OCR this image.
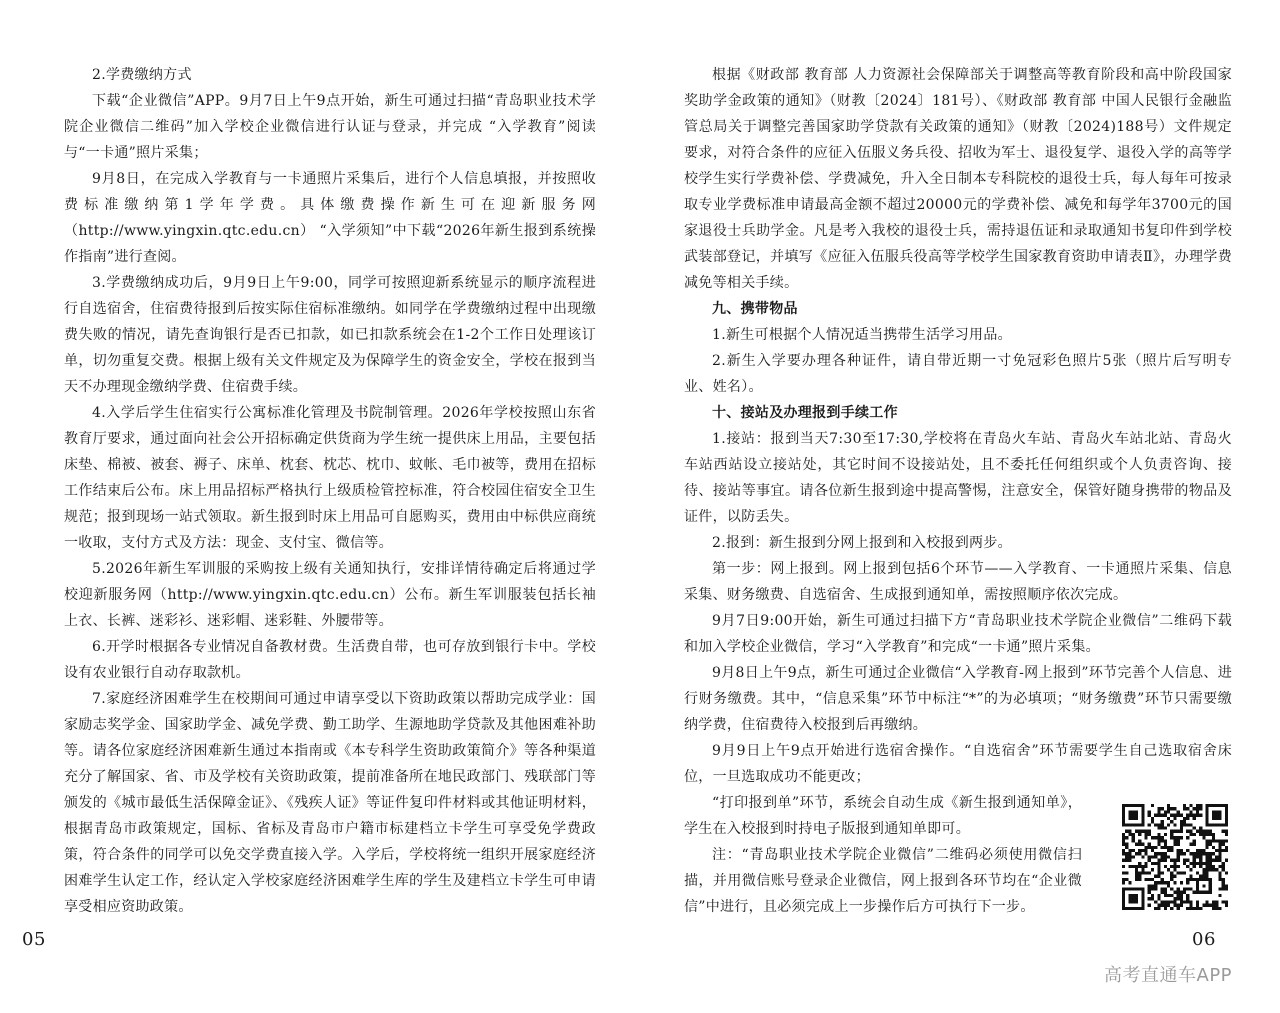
2.学费缴纳方式

下载“企业微信”APP。9月7日上午9点开始，新生可通过扫描“青岛职业技术学院企业微信二维码”加入学校企业微信进行认证与登录，并完成 “入学教育”阅读与“一卡通”照片采集；

9月8日，在完成入学教育与一卡通照片采集后，进行个人信息填报，并按照收费标准缴纳第1学年学费。具体缴费操作新生可在迎新服务网（http://www.yingxin.qtc.edu.cn） “入学须知”中下载“2026年新生报到系统操作指南”进行查阅。

3.学费缴纳成功后，9月9日上午9:00，同学可按照迎新系统显示的顺序流程进行自选宿舍，住宿费待报到后按实际住宿标准缴纳。如同学在学费缴纳过程中出现缴费失败的情况，请先查询银行是否已扣款，如已扣款系统会在1-2个工作日处理该订单，切勿重复交费。根据上级有关文件规定及为保障学生的资金安全，学校在报到当天不办理现金缴纳学费、住宿费手续。

4.入学后学生住宿实行公寓标准化管理及书院制管理。2026年学校按照山东省教育厅要求，通过面向社会公开招标确定供货商为学生统一提供床上用品，主要包括床垫、棉被、被套、褥子、床单、枕套、枕芯、枕巾、蚊帐、毛巾被等，费用在招标工作结束后公布。床上用品招标严格执行上级质检管控标准，符合校园住宿安全卫生规范；报到现场一站式领取。新生报到时床上用品可自愿购买，费用由中标供应商统一收取，支付方式及方法：现金、支付宝、微信等。

5.2026年新生军训服的采购按上级有关通知执行，安排详情待确定后将通过学校迎新服务网（http://www.yingxin.qtc.edu.cn）公布。新生军训服装包括长袖上衣、长裤、迷彩衫、迷彩帽、迷彩鞋、外腰带等。

6.开学时根据各专业情况自备教材费。生活费自带，也可存放到银行卡中。学校设有农业银行自动存取款机。

7.家庭经济困难学生在校期间可通过申请享受以下资助政策以帮助完成学业：国家励志奖学金、国家助学金、减免学费、勤工助学、生源地助学贷款及其他困难补助等。请各位家庭经济困难新生通过本指南或《本专科学生资助政策简介》等各种渠道充分了解国家、省、市及学校有关资助政策，提前准备所在地民政部门、残联部门等颁发的《城市最低生活保障金证》、《残疾人证》等证件复印件材料或其他证明材料，根据青岛市政策规定，国标、省标及青岛市户籍市标建档立卡学生可享受免学费政策，符合条件的同学可以免交学费直接入学。入学后，学校将统一组织开展家庭经济困难学生认定工作，经认定入学校家庭经济困难学生库的学生及建档立卡学生可申请 享受相应资助政策。

05

根据《财政部 教育部 人力资源社会保障部关于调整高等教育阶段和高中阶段国家奖助学金政策的通知》（财教〔2024〕181号）、《财政部 教育部 中国人民银行金融监管总局关于调整完善国家助学贷款有关政策的通知》（财教〔2024)188号）文件规定要求，对符合条件的应征入伍服义务兵役、招收为军士、退役复学、退役入学的高等学校学生实行学费补偿、学费减免，升入全日制本专科院校的退役士兵，每人每年可按录取专业学费标准申请最高金额不超过20000元的学费补偿、减免和每学年3700元的国家退役士兵助学金。凡是考入我校的退役士兵，需持退伍证和录取通知书复印件到学校武装部登记，并填写《应征入伍服兵役高等学校学生国家教育资助申请表Ⅱ》，办理学费减免等相关手续。

九、携带物品

1.新生可根据个人情况适当携带生活学习用品。

2.新生入学要办理各种证件，请自带近期一寸免冠彩色照片5张（照片后写明专业、姓名）。

十、接站及办理报到手续工作

1.接站：报到当天7:30至17:30,学校将在青岛火车站、青岛火车站北站、青岛火车站西站设立接站处，其它时间不设接站处，且不委托任何组织或个人负责咨询、接待、接站等事宜。请各位新生报到途中提高警惕，注意安全，保管好随身携带的物品及证件，以防丢失。

2.报到：新生报到分网上报到和入校报到两步。

第一步：网上报到。网上报到包括6个环节——入学教育、一卡通照片采集、信息采集、财务缴费、自选宿舍、生成报到通知单，需按照顺序依次完成。

9月7日9:00开始，新生可通过扫描下方“青岛职业技术学院企业微信”二维码下载和加入学校企业微信，学习“入学教育”和完成“一卡通”照片采集。

9月8日上午9点，新生可通过企业微信“入学教育-网上报到”环节完善个人信息、进行财务缴费。其中，“信息采集”环节中标注“*”的为必填项；“财务缴费”环节只需要缴纳学费，住宿费待入校报到后再缴纳。

9月9日上午9点开始进行选宿舍操作。“自选宿舍”环节需要学生自己选取宿舍床位，一旦选取成功不能更改；

“打印报到单”环节，系统会自动生成《新生报到通知单》，学生在入校报到时持电子版报到通知单即可。

注：“青岛职业技术学院企业微信”二维码必须使用微信扫描，并用微信账号登录企业微信，网上报到各环节均在“企业微信”中进行，且必须完成上一步操作后方可执行下一步。

06
高考直通车APP
